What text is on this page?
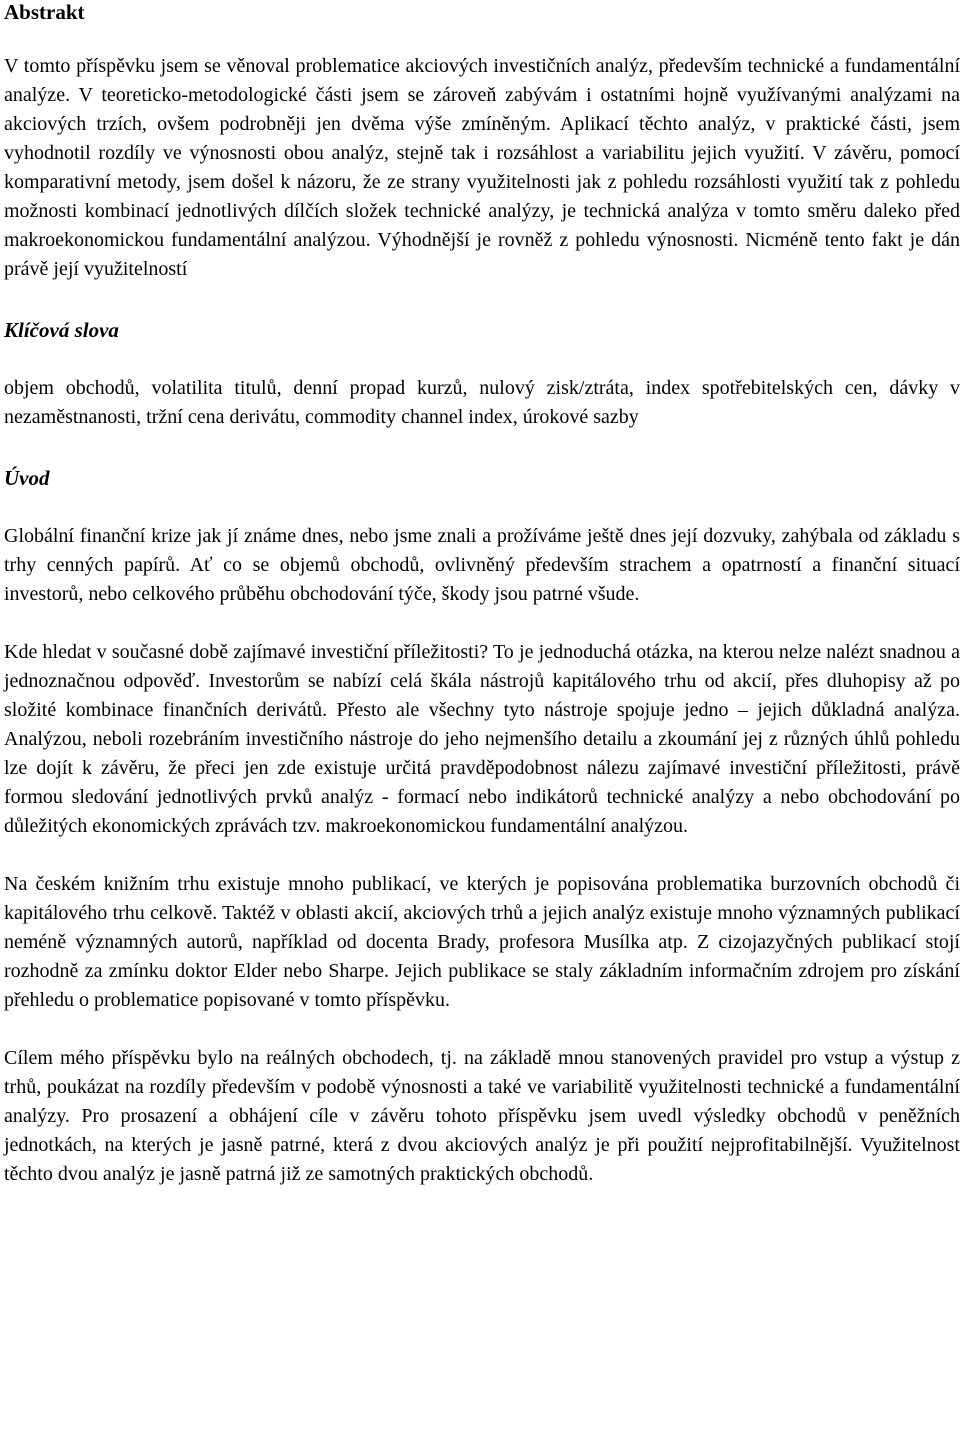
Abstrakt

V tomto příspěvku jsem se věnoval problematice akciových investičních analýz, především technické a fundamentální analýze. V teoreticko-metodologické části jsem se zároveň zabývám i ostatními hojně využívanými analýzami na akciových trzích, ovšem podrobněji jen dvěma výše zmíněným. Aplikací těchto analýz, v praktické části, jsem vyhodnotil rozdíly ve výnosnosti obou analýz, stejně tak i rozsáhlost a variabilitu jejich využití. V závěru, pomocí komparativní metody, jsem došel k názoru, že ze strany využitelnosti jak z pohledu rozsáhlosti využití tak z pohledu možnosti kombinací jednotlivých dílčích složek technické analýzy, je technická analýza v tomto směru daleko před makroekonomickou fundamentální analýzou. Výhodnější je rovněž z pohledu výnosnosti. Nicméně tento fakt je dán právě její využitelností

Klíčová slova

objem obchodů, volatilita titulů, denní propad kurzů, nulový zisk/ztráta, index spotřebitelských cen, dávky v nezaměstnanosti, tržní cena derivátu, commodity channel index, úrokové sazby

Úvod

Globální finanční krize jak jí známe dnes, nebo jsme znali a prožíváme ještě dnes její dozvuky, zahýbala od základu s trhy cenných papírů. Ať co se objemů obchodů, ovlivněný především strachem a opatrností a finanční situací investorů, nebo celkového průběhu obchodování týče, škody jsou patrné všude.

Kde hledat v současné době zajímavé investiční příležitosti? To je jednoduchá otázka, na kterou nelze nalézt snadnou a jednoznačnou odpověď. Investorům se nabízí celá škála nástrojů kapitálového trhu od akcií, přes dluhopisy až po složité kombinace finančních derivátů. Přesto ale všechny tyto nástroje spojuje jedno – jejich důkladná analýza. Analýzou, neboli rozebráním investičního nástroje do jeho nejmenšího detailu a zkoumání jej z různých úhlů pohledu lze dojít k závěru, že přeci jen zde existuje určitá pravděpodobnost nálezu zajímavé investiční příležitosti, právě formou sledování jednotlivých prvků analýz - formací nebo indikátorů technické analýzy a nebo obchodování po důležitých ekonomických zprávách tzv. makroekonomickou fundamentální analýzou.

Na českém knižním trhu existuje mnoho publikací, ve kterých je popisována problematika burzovních obchodů či kapitálového trhu celkově. Taktéž v oblasti akcií, akciových trhů a jejich analýz existuje mnoho významných publikací neméně významných autorů, například od docenta Brady, profesora Musílka atp. Z cizojazyčných publikací stojí rozhodně za zmínku doktor Elder nebo Sharpe. Jejich publikace se staly základním informačním zdrojem pro získání přehledu o problematice popisované v tomto příspěvku.

Cílem mého příspěvku bylo na reálných obchodech, tj. na základě mnou stanovených pravidel pro vstup a výstup z trhů, poukázat na rozdíly především v podobě výnosnosti a také ve variabilitě využitelnosti technické a fundamentální analýzy. Pro prosazení a obhájení cíle v závěru tohoto příspěvku jsem uvedl výsledky obchodů v peněžních jednotkách, na kterých je jasně patrné, která z dvou akciových analýz je při použití nejprofitabilnější. Využitelnost těchto dvou analýz je jasně patrná již ze samotných praktických obchodů.
